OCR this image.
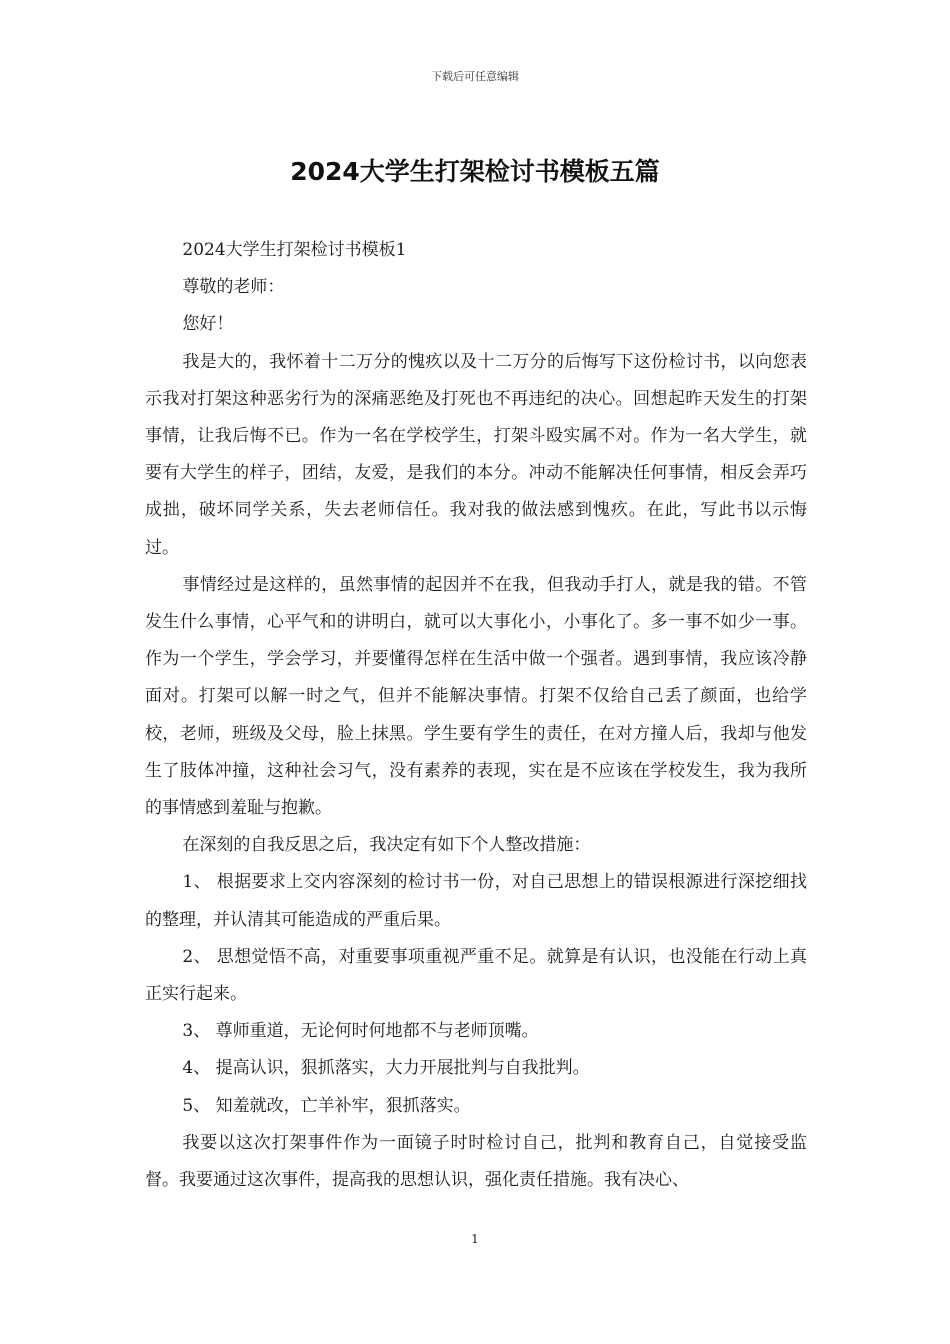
下载后可任意编辑
2024大学生打架检讨书模板五篇

2024大学生打架检讨书模板1

尊敬的老师：

您好！

我是大的，我怀着十二万分的愧疚以及十二万分的后悔写下这份检讨书，以向您表示我对打架这种恶劣行为的深痛恶绝及打死也不再违纪的决心。回想起昨天发生的打架事情，让我后悔不已。作为一名在学校学生，打架斗殴实属不对。作为一名大学生，就要有大学生的样子，团结，友爱，是我们的本分。冲动不能解决任何事情，相反会弄巧成拙，破坏同学关系，失去老师信任。我对我的做法感到愧疚。在此，写此书以示悔过。

事情经过是这样的，虽然事情的起因并不在我，但我动手打人，就是我的错。不管发生什么事情，心平气和的讲明白，就可以大事化小，小事化了。多一事不如少一事。作为一个学生，学会学习，并要懂得怎样在生活中做一个强者。遇到事情，我应该冷静面对。打架可以解一时之气，但并不能解决事情。打架不仅给自己丢了颜面，也给学校，老师，班级及父母，脸上抹黑。学生要有学生的责任，在对方撞人后，我却与他发生了肢体冲撞，这种社会习气，没有素养的表现，实在是不应该在学校发生，我为我所的事情感到羞耻与抱歉。

在深刻的自我反思之后，我决定有如下个人整改措施：

1、 根据要求上交内容深刻的检讨书一份，对自己思想上的错误根源进行深挖细找的整理，并认清其可能造成的严重后果。

2、 思想觉悟不高，对重要事项重视严重不足。就算是有认识，也没能在行动上真正实行起来。

3、 尊师重道，无论何时何地都不与老师顶嘴。

4、 提高认识，狠抓落实，大力开展批判与自我批判。

5、 知羞就改，亡羊补牢，狠抓落实。

我要以这次打架事件作为一面镜子时时检讨自己，批判和教育自己，自觉接受监督。我要通过这次事件，提高我的思想认识，强化责任措施。我有决心、

1
